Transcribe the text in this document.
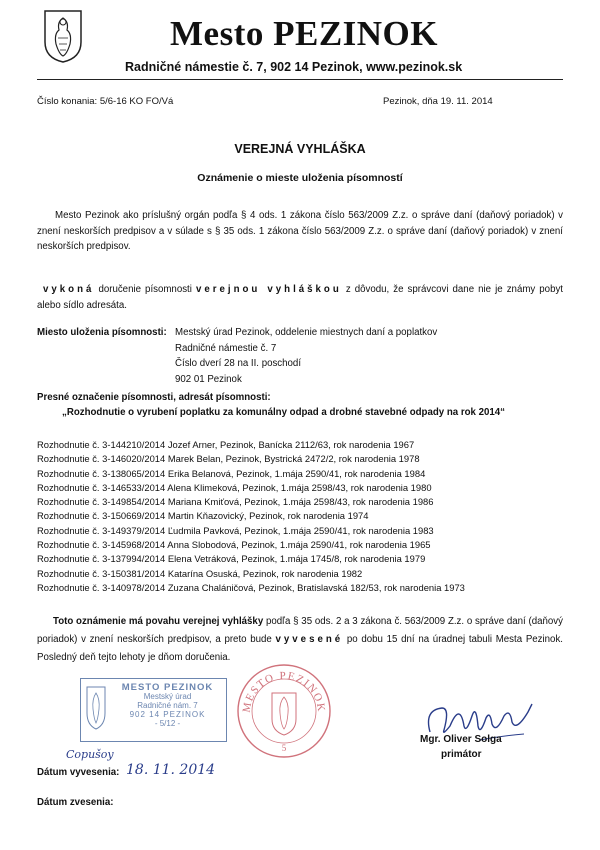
Mesto PEZINOK
Radničné námestie č. 7, 902 14 Pezinok, www.pezinok.sk
Číslo konania: 5/6-16 KO FO/Vá	Pezinok, dňa 19. 11. 2014
VEREJNÁ VYHLÁŠKA
Oznámenie o mieste uloženia písomností
Mesto Pezinok ako príslušný orgán podľa § 4 ods. 1 zákona číslo 563/2009 Z.z. o správe daní (daňový poriadok) v znení neskorších predpisov a v súlade s § 35 ods. 1 zákona číslo 563/2009 Z.z. o správe daní (daňový poriadok) v znení neskorších predpisov.
vykoná doručenie písomnosti verejnou vyhláškou z dôvodu, že správcovi dane nie je známy pobyt alebo sídlo adresáta.
Miesto uloženia písomnosti: Mestský úrad Pezinok, oddelenie miestnych daní a poplatkov
Radničné námestie č. 7
Číslo dverí 28 na II. poschodí
902 01 Pezinok
Presné označenie písomnosti, adresát písomnosti:
„Rozhodnutie o vyrubení poplatku za komunálny odpad a drobné stavebné odpady na rok 2014“
Rozhodnutie č. 3-144210/2014 Jozef Arner, Pezinok, Banícka 2112/63, rok narodenia 1967
Rozhodnutie č. 3-146020/2014 Marek Belan, Pezinok, Bystrická 2472/2, rok narodenia 1978
Rozhodnutie č. 3-138065/2014 Erika Belanová, Pezinok, 1.mája 2590/41, rok narodenia 1984
Rozhodnutie č. 3-146533/2014 Alena Klimeková, Pezinok, 1.mája 2598/43, rok narodenia 1980
Rozhodnutie č. 3-149854/2014 Mariana Kmiťová, Pezinok, 1.mája 2598/43, rok narodenia 1986
Rozhodnutie č. 3-150669/2014 Martin Kňazovický, Pezinok, rok narodenia 1974
Rozhodnutie č. 3-149379/2014 Ľudmila Pavková, Pezinok, 1.mája 2590/41, rok narodenia 1983
Rozhodnutie č. 3-145968/2014 Anna Slobodová, Pezinok, 1.mája 2590/41, rok narodenia 1965
Rozhodnutie č. 3-137994/2014 Elena Vetráková, Pezinok, 1.mája 1745/8, rok narodenia 1979
Rozhodnutie č. 3-150381/2014 Katarína Osuská, Pezinok, rok narodenia 1982
Rozhodnutie č. 3-140978/2014 Zuzana Chaláničová, Pezinok, Bratislavská 182/53, rok narodenia 1973
Toto oznámenie má povahu verejnej vyhlášky podľa § 35 ods. 2 a 3 zákona č. 563/2009 Z.z. o správe daní (daňový poriadok) v znení neskorších predpisov, a preto bude vyvesené po dobu 15 dní na úradnej tabuli Mesta Pezinok. Posledný deň tejto lehoty je dňom doručenia.
MESTO PEZINOK
Mestský úrad
Radničné nám. 7
902 14 PEZINOK
- 5/12 -
MESTO PEZINOK
5
Mgr. Oliver Solga
primátor
Copušoy
Dátum vyvesenia: 18. 11. 2014
Dátum zvesenia:
